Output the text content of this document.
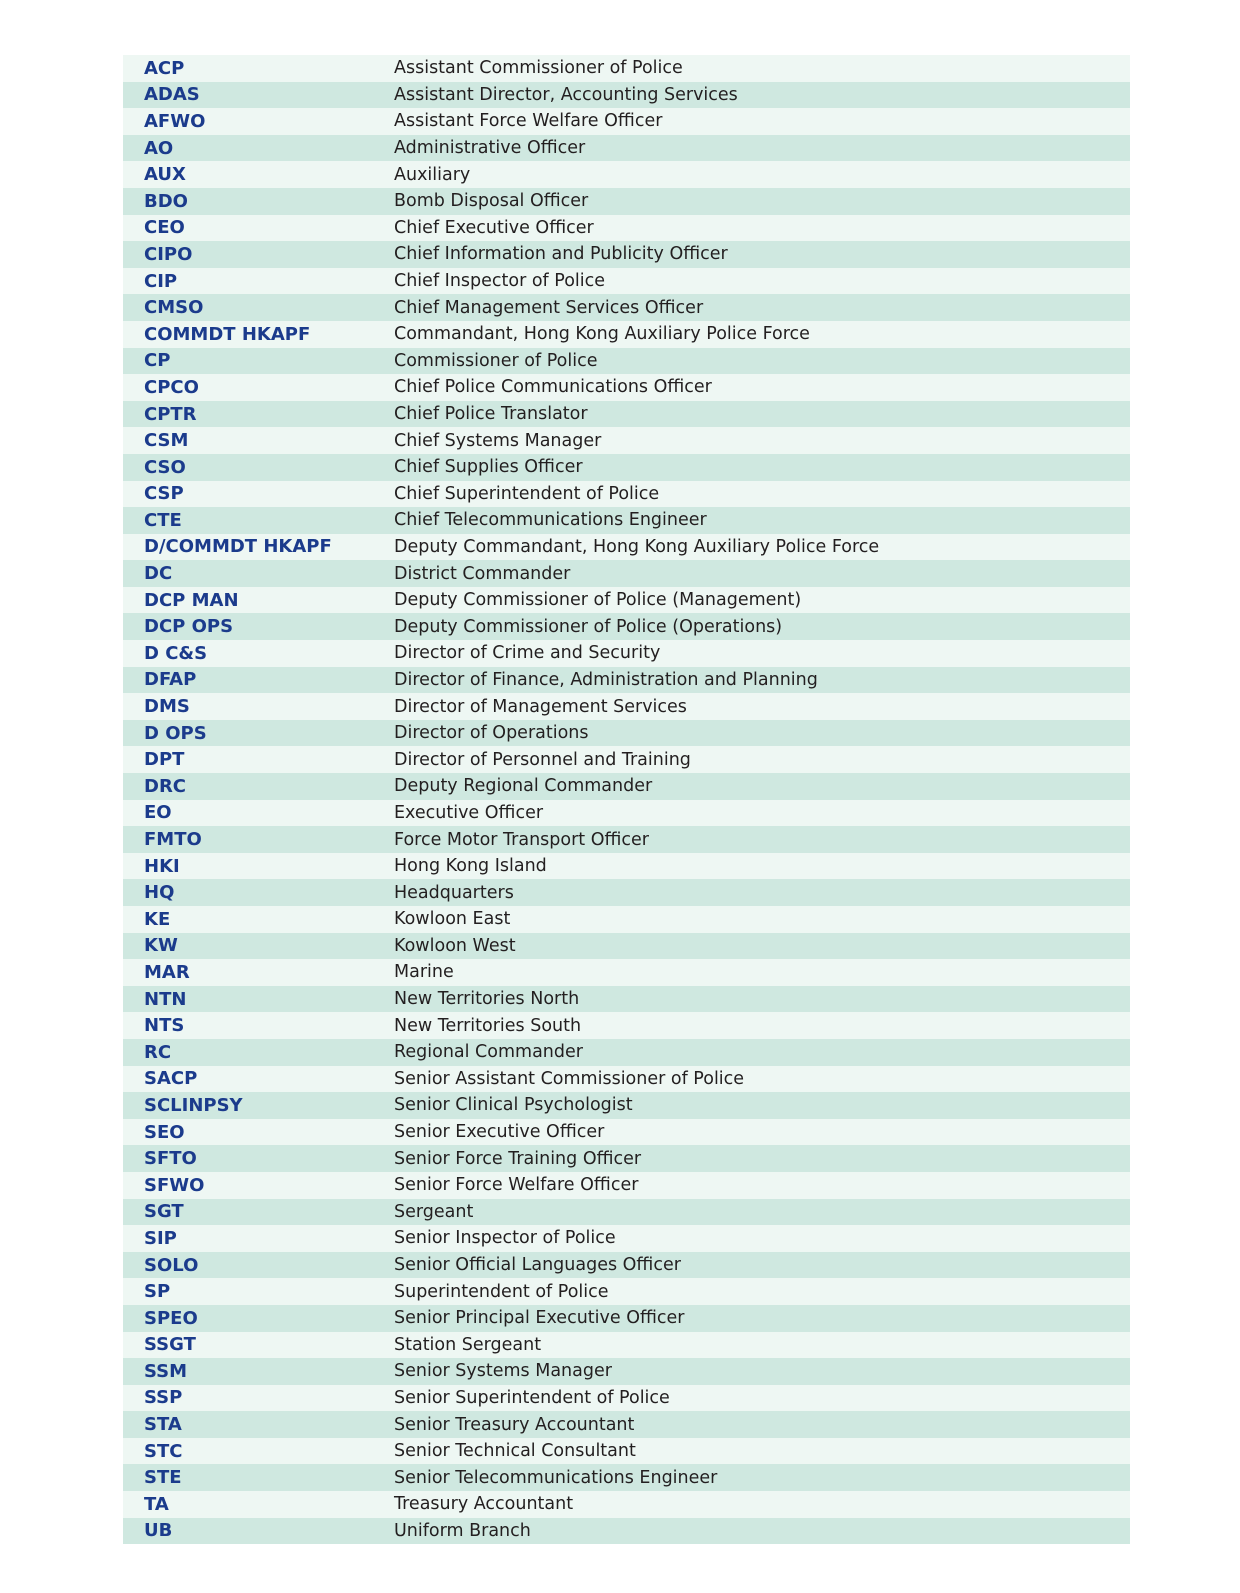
ACP	Assistant Commissioner of Police
ADAS	Assistant Director, Accounting Services
AFWO	Assistant Force Welfare Officer
AO	Administrative Officer
AUX	Auxiliary
BDO	Bomb Disposal Officer
CEO	Chief Executive Officer
CIPO	Chief Information and Publicity Officer
CIP	Chief Inspector of Police
CMSO	Chief Management Services Officer
COMMDT HKAPF	Commandant, Hong Kong Auxiliary Police Force
CP	Commissioner of Police
CPCO	Chief Police Communications Officer
CPTR	Chief Police Translator
CSM	Chief Systems Manager
CSO	Chief Supplies Officer
CSP	Chief Superintendent of Police
CTE	Chief Telecommunications Engineer
D/COMMDT HKAPF	Deputy Commandant, Hong Kong Auxiliary Police Force
DC	District Commander
DCP MAN	Deputy Commissioner of Police (Management)
DCP OPS	Deputy Commissioner of Police (Operations)
D C&S	Director of Crime and Security
DFAP	Director of Finance, Administration and Planning
DMS	Director of Management Services
D OPS	Director of Operations
DPT	Director of Personnel and Training
DRC	Deputy Regional Commander
EO	Executive Officer
FMTO	Force Motor Transport Officer
HKI	Hong Kong Island
HQ	Headquarters
KE	Kowloon East
KW	Kowloon West
MAR	Marine
NTN	New Territories North
NTS	New Territories South
RC	Regional Commander
SACP	Senior Assistant Commissioner of Police
SCLINPSY	Senior Clinical Psychologist
SEO	Senior Executive Officer
SFTO	Senior Force Training Officer
SFWO	Senior Force Welfare Officer
SGT	Sergeant
SIP	Senior Inspector of Police
SOLO	Senior Official Languages Officer
SP	Superintendent of Police
SPEO	Senior Principal Executive Officer
SSGT	Station Sergeant
SSM	Senior Systems Manager
SSP	Senior Superintendent of Police
STA	Senior Treasury Accountant
STC	Senior Technical Consultant
STE	Senior Telecommunications Engineer
TA	Treasury Accountant
UB	Uniform Branch
